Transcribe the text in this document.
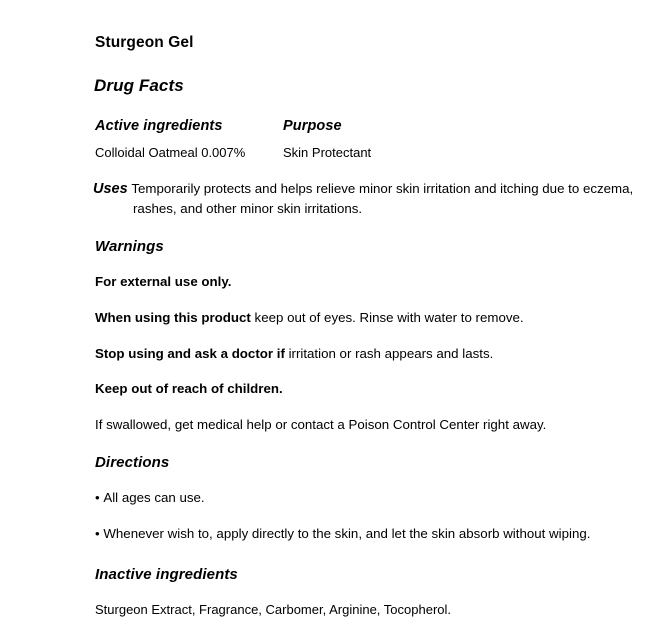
Sturgeon Gel
Drug Facts
Active ingredients	Purpose
Colloidal Oatmeal 0.007%	Skin Protectant

Uses Temporarily protects and helps relieve minor skin irritation and itching due to eczema, rashes, and other minor skin irritations.

Warnings

For external use only.

When using this product keep out of eyes. Rinse with water to remove.

Stop using and ask a doctor if irritation or rash appears and lasts.

Keep out of reach of children.

If swallowed, get medical help or contact a Poison Control Center right away.

Directions

• All ages can use.

• Whenever wish to, apply directly to the skin, and let the skin absorb without wiping.

Inactive ingredients

Sturgeon Extract, Fragrance, Carbomer, Arginine, Tocopherol.
